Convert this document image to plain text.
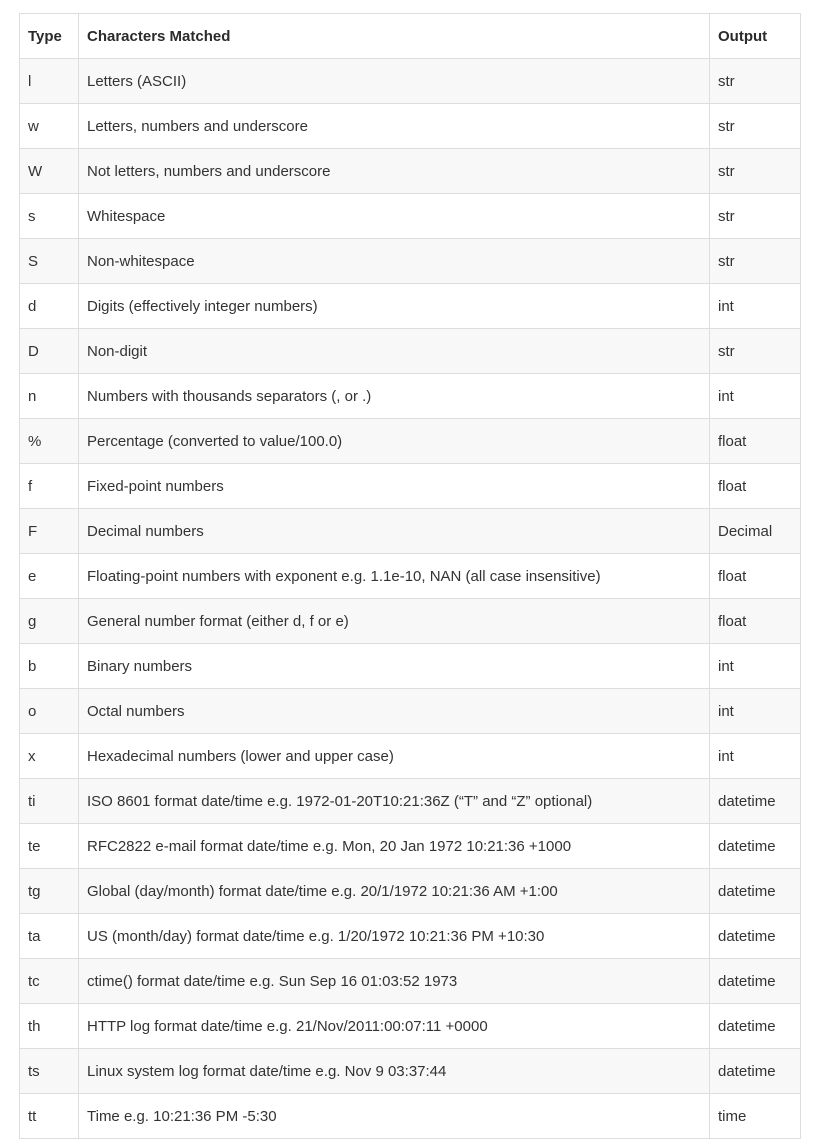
Type	Characters Matched	Output
l	Letters (ASCII)	str
w	Letters, numbers and underscore	str
W	Not letters, numbers and underscore	str
s	Whitespace	str
S	Non-whitespace	str
d	Digits (effectively integer numbers)	int
D	Non-digit	str
n	Numbers with thousands separators (, or .)	int
%	Percentage (converted to value/100.0)	float
f	Fixed-point numbers	float
F	Decimal numbers	Decimal
e	Floating-point numbers with exponent e.g. 1.1e-10, NAN (all case insensitive)	float
g	General number format (either d, f or e)	float
b	Binary numbers	int
o	Octal numbers	int
x	Hexadecimal numbers (lower and upper case)	int
ti	ISO 8601 format date/time e.g. 1972-01-20T10:21:36Z (“T” and “Z” optional)	datetime
te	RFC2822 e-mail format date/time e.g. Mon, 20 Jan 1972 10:21:36 +1000	datetime
tg	Global (day/month) format date/time e.g. 20/1/1972 10:21:36 AM +1:00	datetime
ta	US (month/day) format date/time e.g. 1/20/1972 10:21:36 PM +10:30	datetime
tc	ctime() format date/time e.g. Sun Sep 16 01:03:52 1973	datetime
th	HTTP log format date/time e.g. 21/Nov/2011:00:07:11 +0000	datetime
ts	Linux system log format date/time e.g. Nov 9 03:37:44	datetime
tt	Time e.g. 10:21:36 PM -5:30	time
